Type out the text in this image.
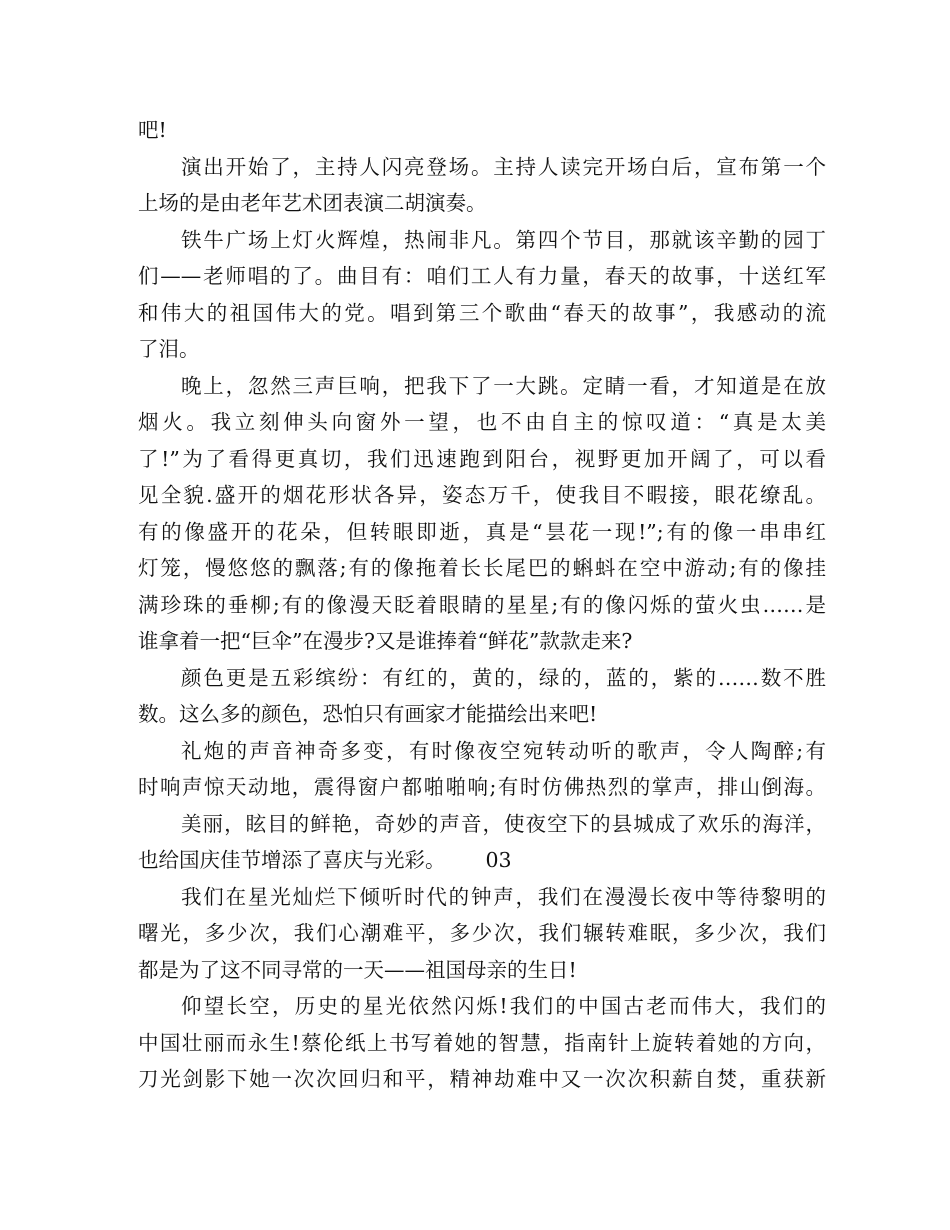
吧!
演出开始了，主持人闪亮登场。主持人读完开场白后，宣布第一个
上场的是由老年艺术团表演二胡演奏。
铁牛广场上灯火辉煌，热闹非凡。第四个节目，那就该辛勤的园丁
们——老师唱的了。曲目有：咱们工人有力量，春天的故事，十送红军
和伟大的祖国伟大的党。唱到第三个歌曲“春天的故事”，我感动的流
了泪。
晚上，忽然三声巨响，把我下了一大跳。定睛一看，才知道是在放
烟火。我立刻伸头向窗外一望，也不由自主的惊叹道：“真是太美
了!”为了看得更真切，我们迅速跑到阳台，视野更加开阔了，可以看
见全貌.盛开的烟花形状各异，姿态万千，使我目不暇接，眼花缭乱。
有的像盛开的花朵，但转眼即逝，真是“昙花一现!”;有的像一串串红
灯笼，慢悠悠的飘落;有的像拖着长长尾巴的蝌蚪在空中游动;有的像挂
满珍珠的垂柳;有的像漫天眨着眼睛的星星;有的像闪烁的萤火虫……是
谁拿着一把“巨伞”在漫步?又是谁捧着“鲜花”款款走来?
颜色更是五彩缤纷：有红的，黄的，绿的，蓝的，紫的……数不胜
数。这么多的颜色，恐怕只有画家才能描绘出来吧!
礼炮的声音神奇多变，有时像夜空宛转动听的歌声，令人陶醉;有
时响声惊天动地，震得窗户都啪啪响;有时仿佛热烈的掌声，排山倒海。
美丽，眩目的鲜艳，奇妙的声音，使夜空下的县城成了欢乐的海洋，
也给国庆佳节增添了喜庆与光彩。 03
我们在星光灿烂下倾听时代的钟声，我们在漫漫长夜中等待黎明的
曙光，多少次，我们心潮难平，多少次，我们辗转难眠，多少次，我们
都是为了这不同寻常的一天——祖国母亲的生日!
仰望长空，历史的星光依然闪烁!我们的中国古老而伟大，我们的
中国壮丽而永生!蔡伦纸上书写着她的智慧，指南针上旋转着她的方向，
刀光剑影下她一次次回归和平，精神劫难中又一次次积薪自焚，重获新
